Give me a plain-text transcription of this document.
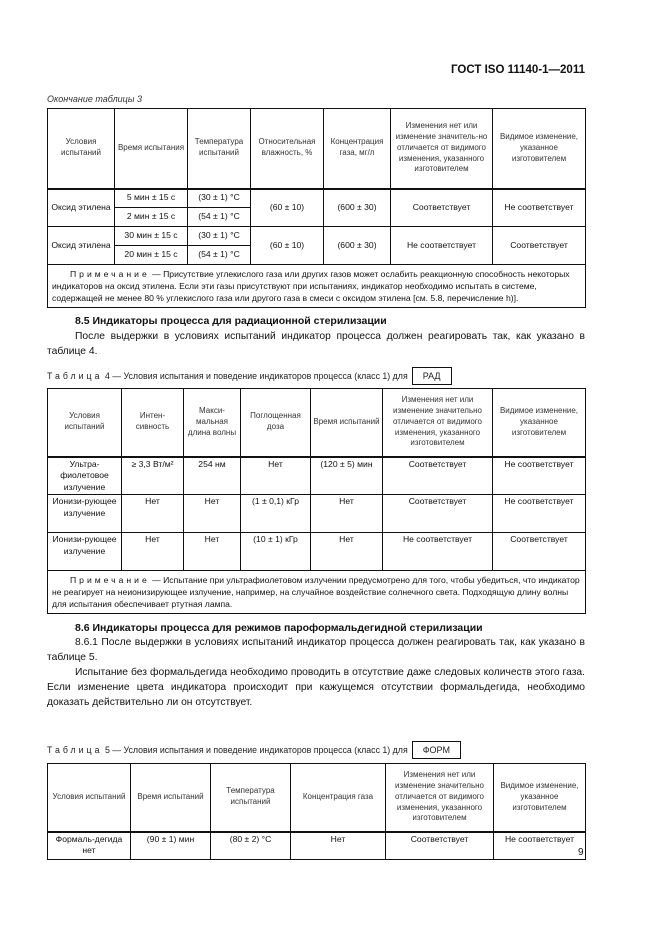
ГОСТ ISO 11140-1—2011
Окончание таблицы 3
Условия испытаний	Время испытания	Температура испытаний	Относительная влажность, %	Концентрация газа, мг/л	Изменения нет или изменение значитель-но отличается от видимого изменения, указанного изготовителем	Видимое изменение, указанное изготовителем
Оксид этилена	5 мин ± 15 с	(30 ± 1) °С	(60 ± 10)	(600 ± 30)	Соответствует	Не соответствует
	2 мин ± 15 с	(54 ± 1) °С				
Оксид этилена	30 мин ± 15 с	(30 ± 1) °С	(60 ± 10)	(600 ± 30)	Не соответствует	Соответствует
	20 мин ± 15 с	(54 ± 1) °С				
Примечание — Присутствие углекислого газа или других газов может ослабить реакционную способность некоторых индикаторов на оксид этилена. Если эти газы присутствуют при испытаниях, индикатор необходимо испытать в системе, содержащей не менее 80 % углекислого газа или другого газа в смеси с оксидом этилена [см. 5.8, перечисление h)].						
8.5 Индикаторы процесса для радиационной стерилизации

После выдержки в условиях испытаний индикатор процесса должен реагировать так, как указано в таблице 4.

Таблица
4 — Условия испытания и поведение индикаторов процесса (класс 1) для	РАД
Условия испытаний	Интен-сивность	Макси-мальная длина волны	Поглощенная доза	Время испытаний	Изменения нет или изменение значительно отличается от видимого изменения, указанного изготовителем	Видимое изменение, указанное изготовителем
Ультра-фиолетовое излучение	≥ 3,3 Вт/м²	254 нм	Нет	(120 ± 5) мин	Соответствует	Не соответствует
Ионизи-рующее излучение	Нет	Нет	(1 ± 0,1) кГр	Нет	Соответствует	Не соответствует
Ионизи-рующее излучение	Нет	Нет	(10 ± 1) кГр	Нет	Не соответствует	Соответствует
Примечание — Испытание при ультрафиолетовом излучении предусмотрено для того, чтобы убедиться, что индикатор не реагирует на неионизирующее излучение, например, на случайное воздействие солнечного света. Подходящую длину волны для испытания обеспечивает ртутная лампа.						
8.6 Индикаторы процесса для режимов пароформальдегидной стерилизации

8.6.1 После выдержки в условиях испытаний индикатор процесса должен реагировать так, как указано в таблице 5.

Испытание без формальдегида необходимо проводить в отсутствие даже следовых количеств этого газа. Если изменение цвета индикатора происходит при кажущемся отсутствии формальдегида, необходимо доказать действительно ли он отсутствует.

Таблица
5 — Условия испытания и поведение индикаторов процесса (класс 1) для	ФОРМ
Условия испытаний	Время испытаний	Температура испытаний	Концентрация газа	Изменения нет или изменение значительно отличается от видимого изменения, указанного изготовителем	Видимое изменение, указанное изготовителем
Формаль-дегида нет	(90 ± 1) мин	(80 ± 2) °С	Нет	Соответствует	Не соответствует
9
